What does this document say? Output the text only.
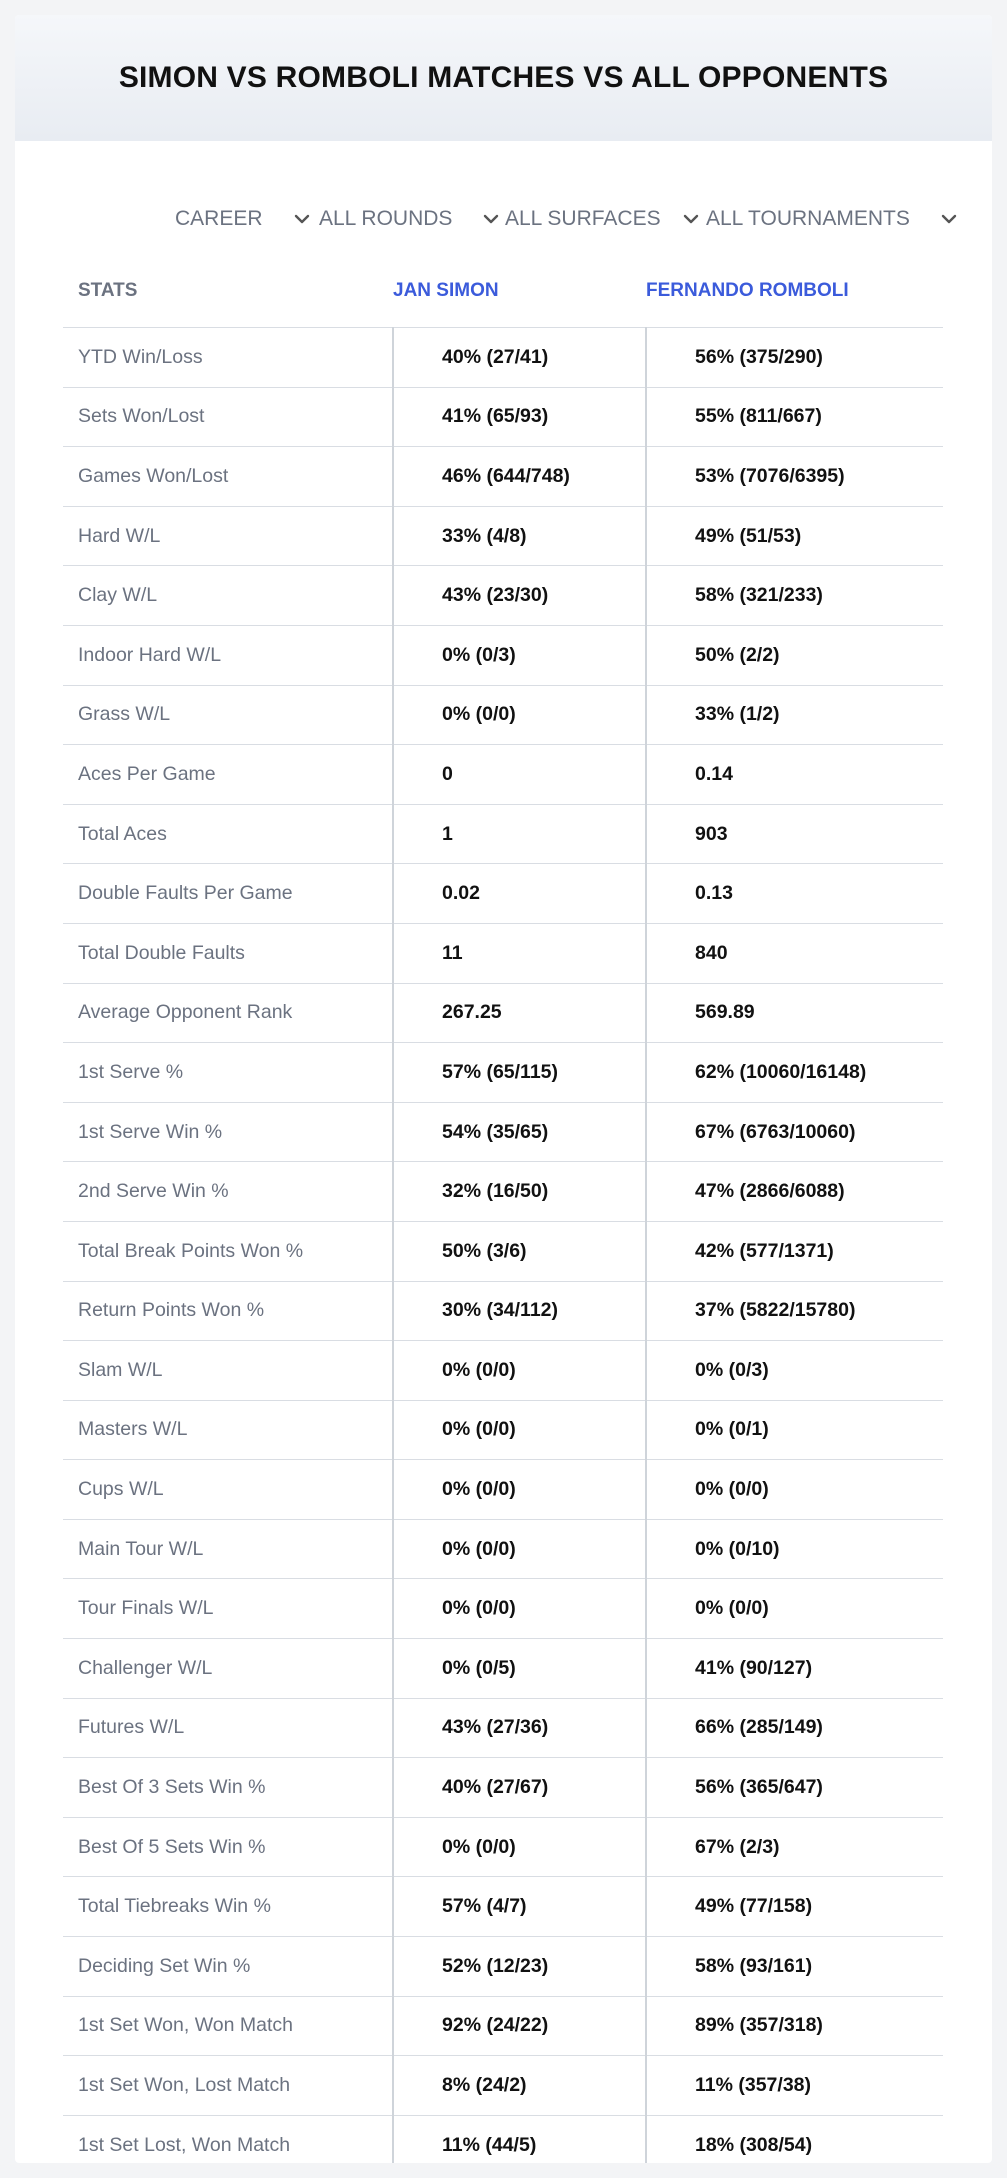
SIMON VS ROMBOLI MATCHES VS ALL OPPONENTS
CAREER	ALL ROUNDS	ALL SURFACES ALL TOURNAMENTS
STATS	JAN SIMON	FERNANDO ROMBOLI
YTD Win/Loss	40% (27/41)	56% (375/290)
Sets Won/Lost	41% (65/93)	55% (811/667)
Games Won/Lost	46% (644/748)	53% (7076/6395)
Hard W/L	33% (4/8)	49% (51/53)
Clay W/L	43% (23/30)	58% (321/233)
Indoor Hard W/L	0% (0/3)	50% (2/2)
Grass W/L	0% (0/0)	33% (1/2)
Aces Per Game	0	0.14
Total Aces	1	903
Double Faults Per Game	0.02	0.13
Total Double Faults	11	840
Average Opponent Rank	267.25	569.89
1st Serve %	57% (65/115)	62% (10060/16148)
1st Serve Win %	54% (35/65)	67% (6763/10060)
2nd Serve Win %	32% (16/50)	47% (2866/6088)
Total Break Points Won %	50% (3/6)	42% (577/1371)
Return Points Won %	30% (34/112)	37% (5822/15780)
Slam W/L	0% (0/0)	0% (0/3)
Masters W/L	0% (0/0)	0% (0/1)
Cups W/L	0% (0/0)	0% (0/0)
Main Tour W/L	0% (0/0)	0% (0/10)
Tour Finals W/L	0% (0/0)	0% (0/0)
Challenger W/L	0% (0/5)	41% (90/127)
Futures W/L	43% (27/36)	66% (285/149)
Best Of 3 Sets Win %	40% (27/67)	56% (365/647)
Best Of 5 Sets Win %	0% (0/0)	67% (2/3)
Total Tiebreaks Win %	57% (4/7)	49% (77/158)
Deciding Set Win %	52% (12/23)	58% (93/161)
1st Set Won, Won Match	92% (24/22)	89% (357/318)
1st Set Won, Lost Match	8% (24/2)	11% (357/38)
1st Set Lost, Won Match	11% (44/5)	18% (308/54)
